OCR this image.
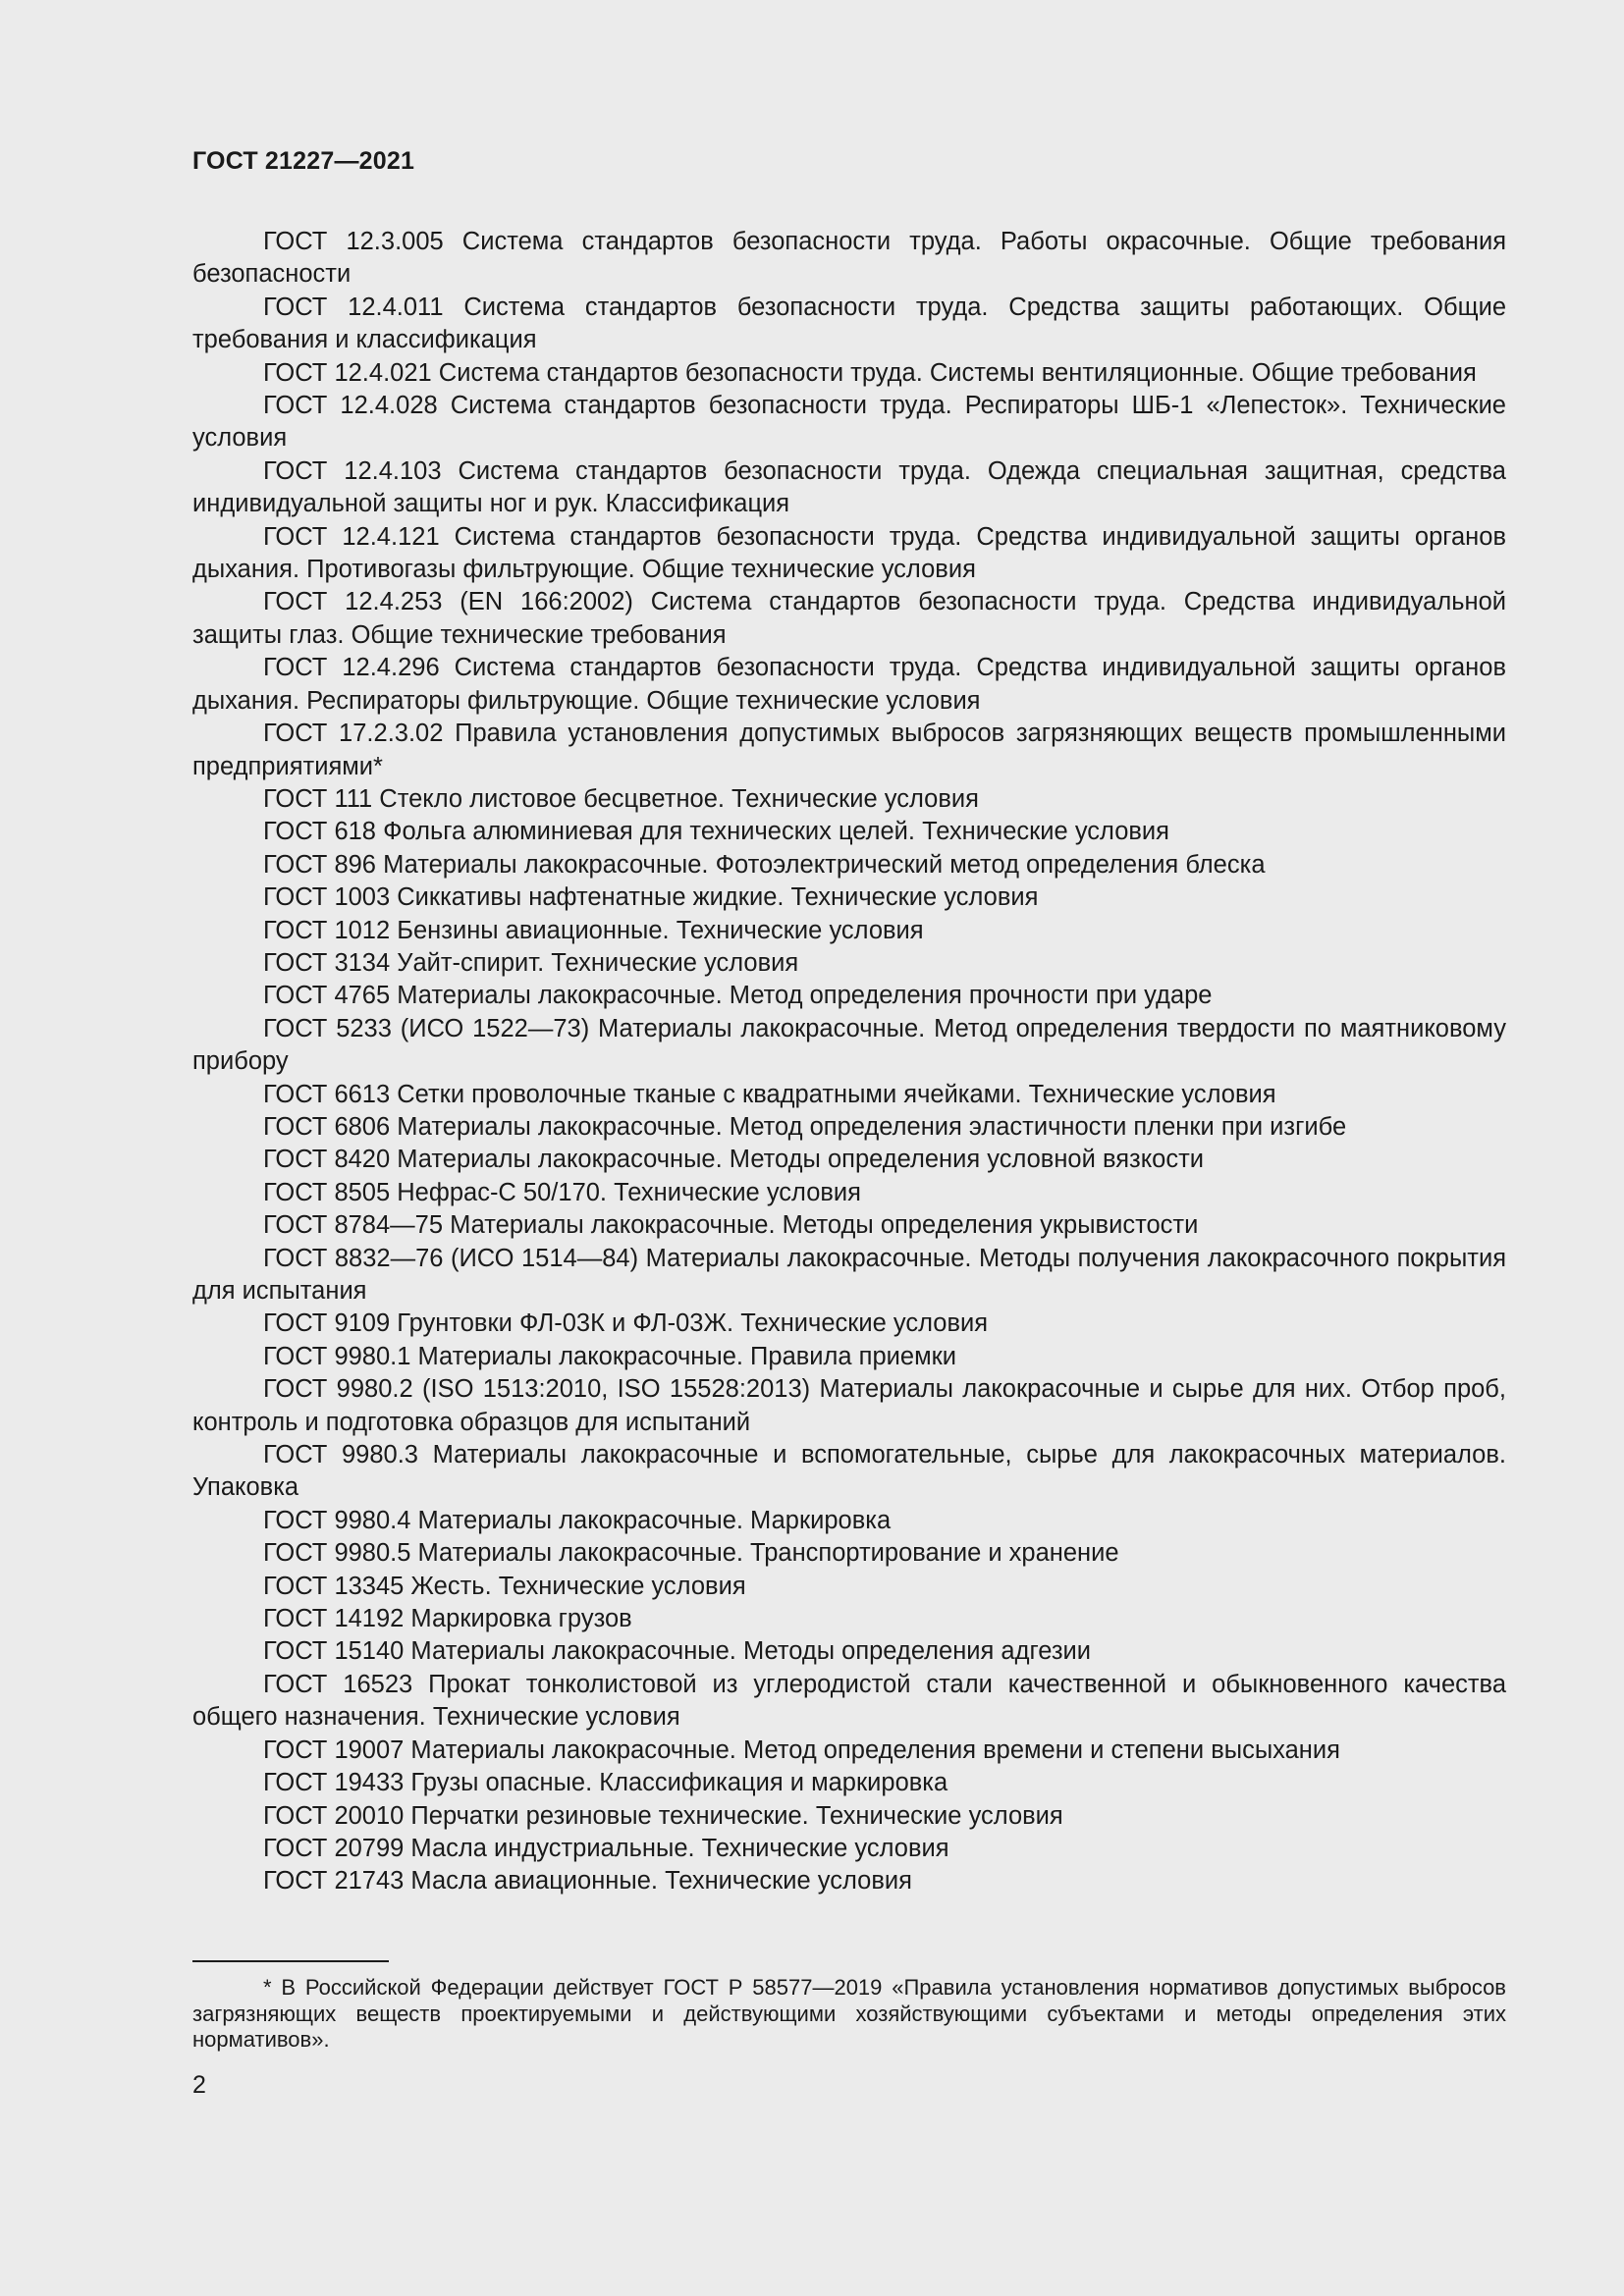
ГОСТ 21227—2021

ГОСТ 12.3.005 Система стандартов безопасности труда. Работы окрасочные. Общие требования безопасности

ГОСТ 12.4.011 Система стандартов безопасности труда. Средства защиты работающих. Общие требования и классификация

ГОСТ 12.4.021 Система стандартов безопасности труда. Системы вентиляционные. Общие требования

ГОСТ 12.4.028 Система стандартов безопасности труда. Респираторы ШБ-1 «Лепесток». Технические условия

ГОСТ 12.4.103 Система стандартов безопасности труда. Одежда специальная защитная, средства индивидуальной защиты ног и рук. Классификация

ГОСТ 12.4.121 Система стандартов безопасности труда. Средства индивидуальной защиты органов дыхания. Противогазы фильтрующие. Общие технические условия

ГОСТ 12.4.253 (EN 166:2002) Система стандартов безопасности труда. Средства индивидуальной защиты глаз. Общие технические требования

ГОСТ 12.4.296 Система стандартов безопасности труда. Средства индивидуальной защиты органов дыхания. Респираторы фильтрующие. Общие технические условия

ГОСТ 17.2.3.02 Правила установления допустимых выбросов загрязняющих веществ промышленными предприятиями*

ГОСТ 111 Стекло листовое бесцветное. Технические условия

ГОСТ 618 Фольга алюминиевая для технических целей. Технические условия

ГОСТ 896 Материалы лакокрасочные. Фотоэлектрический метод определения блеска

ГОСТ 1003 Сиккативы нафтенатные жидкие. Технические условия

ГОСТ 1012 Бензины авиационные. Технические условия

ГОСТ 3134 Уайт-спирит. Технические условия

ГОСТ 4765 Материалы лакокрасочные. Метод определения прочности при ударе

ГОСТ 5233 (ИСО 1522—73) Материалы лакокрасочные. Метод определения твердости по маятниковому прибору

ГОСТ 6613 Сетки проволочные тканые с квадратными ячейками. Технические условия

ГОСТ 6806 Материалы лакокрасочные. Метод определения эластичности пленки при изгибе

ГОСТ 8420 Материалы лакокрасочные. Методы определения условной вязкости

ГОСТ 8505 Нефрас-С 50/170. Технические условия

ГОСТ 8784—75 Материалы лакокрасочные. Методы определения укрывистости

ГОСТ 8832—76 (ИСО 1514—84) Материалы лакокрасочные. Методы получения лакокрасочного покрытия для испытания

ГОСТ 9109 Грунтовки ФЛ-03К и ФЛ-03Ж. Технические условия

ГОСТ 9980.1 Материалы лакокрасочные. Правила приемки

ГОСТ 9980.2 (ISO 1513:2010, ISO 15528:2013) Материалы лакокрасочные и сырье для них. Отбор проб, контроль и подготовка образцов для испытаний

ГОСТ 9980.3 Материалы лакокрасочные и вспомогательные, сырье для лакокрасочных материалов. Упаковка

ГОСТ 9980.4 Материалы лакокрасочные. Маркировка

ГОСТ 9980.5 Материалы лакокрасочные. Транспортирование и хранение

ГОСТ 13345 Жесть. Технические условия

ГОСТ 14192 Маркировка грузов

ГОСТ 15140 Материалы лакокрасочные. Методы определения адгезии

ГОСТ 16523 Прокат тонколистовой из углеродистой стали качественной и обыкновенного качества общего назначения. Технические условия

ГОСТ 19007 Материалы лакокрасочные. Метод определения времени и степени высыхания

ГОСТ 19433 Грузы опасные. Классификация и маркировка

ГОСТ 20010 Перчатки резиновые технические. Технические условия

ГОСТ 20799 Масла индустриальные. Технические условия

ГОСТ 21743 Масла авиационные. Технические условия

* В Российской Федерации действует ГОСТ Р 58577—2019 «Правила установления нормативов допустимых выбросов загрязняющих веществ проектируемыми и действующими хозяйствующими субъектами и методы определения этих нормативов».

2
